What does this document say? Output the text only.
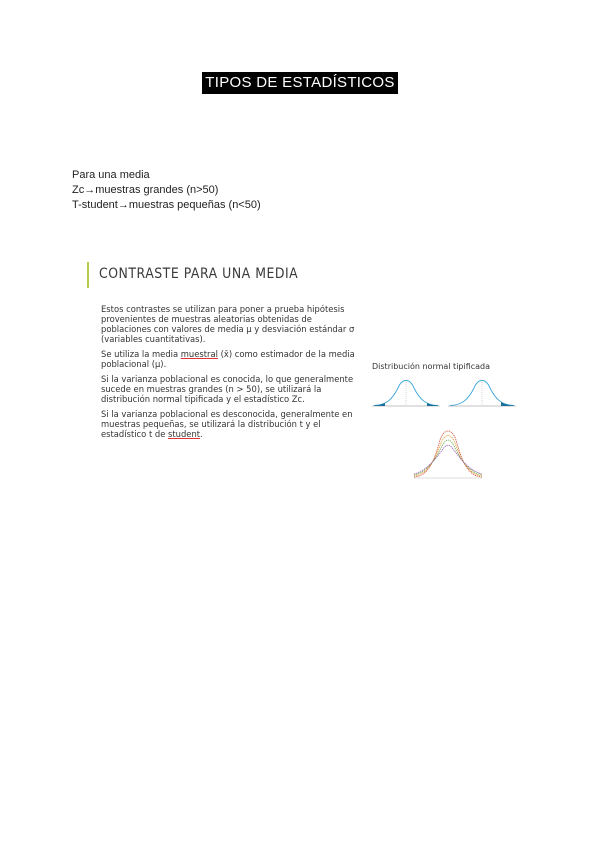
TIPOS DE ESTADÍSTICOS
Para una media
Zc→muestras grandes (n>50)
T-student→muestras pequeñas (n<50)
CONTRASTE PARA UNA MEDIA

Estos contrastes se utilizan para poner a prueba hipótesis provenientes de muestras aleatorias obtenidas de poblaciones con valores de media μ y desviación estándar σ (variables cuantitativas).

Se utiliza la media muestral (x̄) como estimador de la media poblacional (μ).

Si la varianza poblacional es conocida, lo que generalmente sucede en muestras grandes (n > 50), se utilizará la distribución normal tipificada y el estadístico Zc.

Si la varianza poblacional es desconocida, generalmente en muestras pequeñas, se utilizará la distribución t y el estadístico t de student.

Distribución normal tipificada
